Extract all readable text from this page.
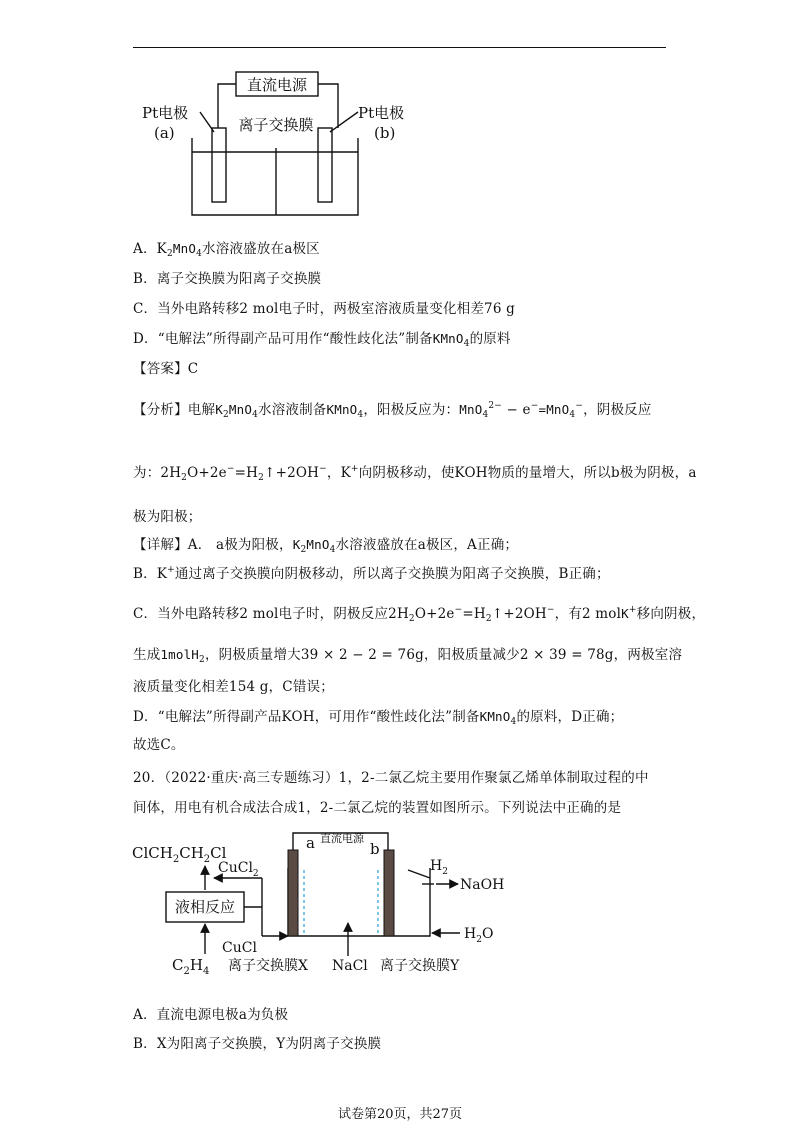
直流电源
Pt电极
(a)
Pt电极
(b)
离子交换膜
A．$K_2MnO_4$水溶液盛放在a极区
B．离子交换膜为阳离子交换膜
C．当外电路转移2 mol电子时，两极室溶液质量变化相差76 g
D．“电解法”所得副产品可用作“酸性歧化法”制备KMnO$_4$的原料
【答案】C
【分析】电解$K_2MnO_4$水溶液制备KMnO$_4$，阳极反应为：MnO$_4^{2-}$ − e−=MnO$_4$−，阴极反应
为：$2H_2O+2e^-=H_2↑+2OH^-$，K+向阴极移动，使KOH物质的量增大，所以b极为阴极，a
极为阳极；
【详解】A． a极为阳极，$K_2MnO_4$水溶液盛放在a极区，A正确；
B．K+通过离子交换膜向阴极移动，所以离子交换膜为阳离子交换膜，B正确；
C．当外电路转移2 mol电子时，阴极反应$2H_2O+2e^-=H_2↑+2OH^-$，有2 molK+移向阴极，
生成1molH$_2$，阴极质量增大39 × 2 − 2 = 76g，阳极质量减少2 × 39 = 78g，两极室溶
液质量变化相差154 g，C错误；
D．“电解法”所得副产品KOH，可用作“酸性歧化法”制备KMnO$_4$的原料，D正确；
故选C。
20．（2022·重庆·高三专题练习）1，2-二氯乙烷主要用作聚氯乙烯单体制取过程的中
间体，用电有机合成法合成1，2-二氯乙烷的装置如图所示。下列说法中正确的是
$ClCH_2CH_2Cl$
CuCl$_2$
液相反应
CuCl
$C_2H_4$
直流电源
a	b
$H_2$
NaOH
$H_2O$
离子交换膜X NaCl 离子交换膜Y
A．直流电源电极a为负极
B．X为阳离子交换膜，Y为阴离子交换膜
试卷第20页，共27页
